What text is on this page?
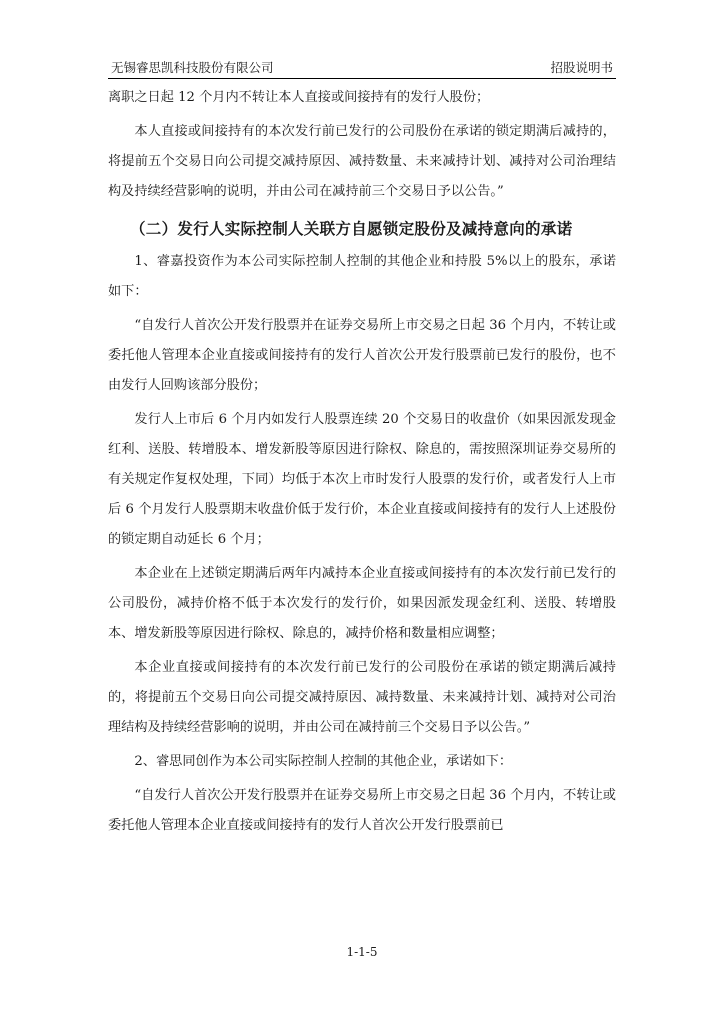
无锡睿思凯科技股份有限公司	招股说明书

离职之日起 12 个月内不转让本人直接或间接持有的发行人股份；

本人直接或间接持有的本次发行前已发行的公司股份在承诺的锁定期满后减持的，将提前五个交易日向公司提交减持原因、减持数量、未来减持计划、减持对公司治理结构及持续经营影响的说明，并由公司在减持前三个交易日予以公告。”

（二）发行人实际控制人关联方自愿锁定股份及减持意向的承诺

1、睿嘉投资作为本公司实际控制人控制的其他企业和持股 5%以上的股东，承诺如下：

“自发行人首次公开发行股票并在证券交易所上市交易之日起 36 个月内，不转让或委托他人管理本企业直接或间接持有的发行人首次公开发行股票前已发行的股份，也不由发行人回购该部分股份；

发行人上市后 6 个月内如发行人股票连续 20 个交易日的收盘价（如果因派发现金红利、送股、转增股本、增发新股等原因进行除权、除息的，需按照深圳证券交易所的有关规定作复权处理，下同）均低于本次上市时发行人股票的发行价，或者发行人上市后 6 个月发行人股票期末收盘价低于发行价，本企业直接或间接持有的发行人上述股份的锁定期自动延长 6 个月；

本企业在上述锁定期满后两年内减持本企业直接或间接持有的本次发行前已发行的公司股份，减持价格不低于本次发行的发行价，如果因派发现金红利、送股、转增股本、增发新股等原因进行除权、除息的，减持价格和数量相应调整；

本企业直接或间接持有的本次发行前已发行的公司股份在承诺的锁定期满后减持的，将提前五个交易日向公司提交减持原因、减持数量、未来减持计划、减持对公司治理结构及持续经营影响的说明，并由公司在减持前三个交易日予以公告。”

2、睿思同创作为本公司实际控制人控制的其他企业，承诺如下：

“自发行人首次公开发行股票并在证券交易所上市交易之日起 36 个月内，不转让或委托他人管理本企业直接或间接持有的发行人首次公开发行股票前已

1-1-5
